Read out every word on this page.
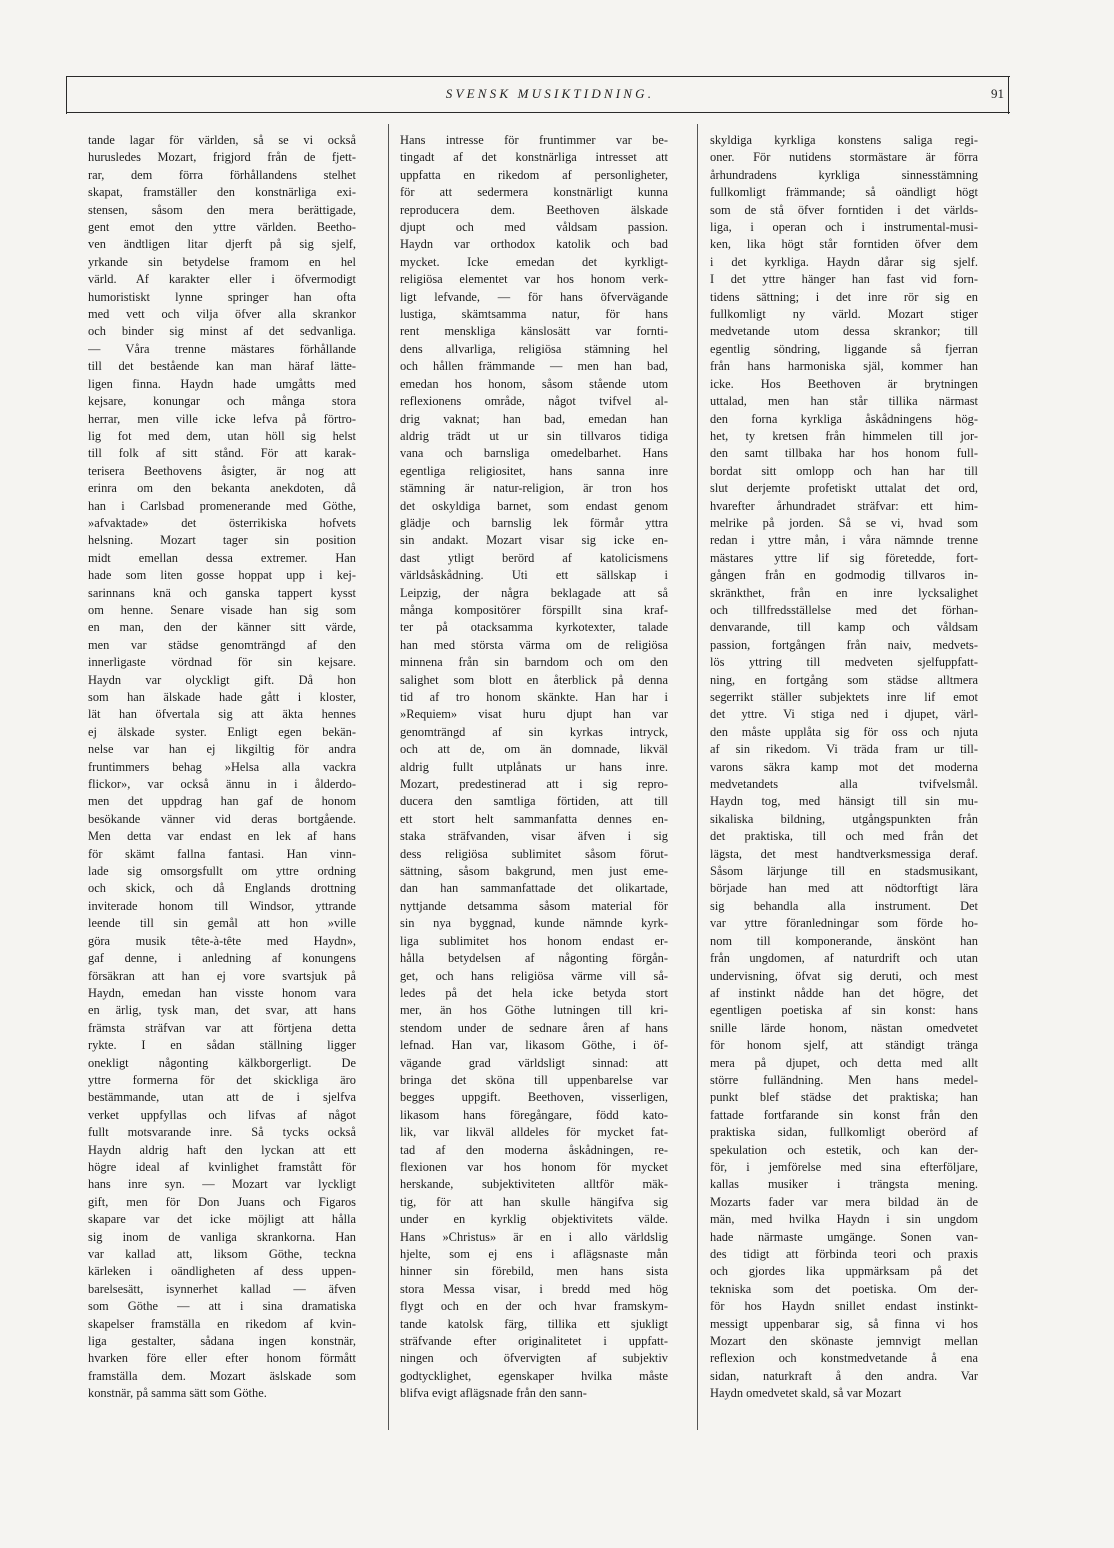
SVENSK MUSIKTIDNING.	91
tande lagar för världen, så se vi också
hurusledes Mozart, frigjord från de fjett-
rar, dem förra förhållandens stelhet
skapat, framställer den konstnärliga exi-
stensen, såsom den mera berättigade,
gent emot den yttre världen. Beetho-
ven ändtligen litar djerft på sig sjelf,
yrkande sin betydelse framom en hel
värld. Af karakter eller i öfvermodigt
humoristiskt lynne springer han ofta
med vett och vilja öfver alla skrankor
och binder sig minst af det sedvanliga.
— Våra trenne mästares förhållande
till det bestående kan man häraf lätte-
ligen finna. Haydn hade umgåtts med
kejsare, konungar och många stora
herrar, men ville icke lefva på förtro-
lig fot med dem, utan höll sig helst
till folk af sitt stånd. För att karak-
terisera Beethovens åsigter, är nog att
erinra om den bekanta anekdoten, då
han i Carlsbad promenerande med Göthe,
»afvaktade» det österrikiska hofvets
helsning. Mozart tager sin position
midt emellan dessa extremer. Han
hade som liten gosse hoppat upp i kej-
sarinnans knä och ganska tappert kysst
om henne. Senare visade han sig som
en man, den der känner sitt värde,
men var städse genomträngd af den
innerligaste vördnad för sin kejsare.
Haydn var olyckligt gift. Då hon
som han älskade hade gått i kloster,
lät han öfvertala sig att äkta hennes
ej älskade syster. Enligt egen bekän-
nelse var han ej likgiltig för andra
fruntimmers behag »Helsa alla vackra
flickor», var också ännu in i ålderdo-
men det uppdrag han gaf de honom
besökande vänner vid deras bortgående.
Men detta var endast en lek af hans
för skämt fallna fantasi. Han vinn-
lade sig omsorgsfullt om yttre ordning
och skick, och då Englands drottning
inviterade honom till Windsor, yttrande
leende till sin gemål att hon »ville
göra musik tête-à-tête med Haydn»,
gaf denne, i anledning af konungens
försäkran att han ej vore svartsjuk på
Haydn, emedan han visste honom vara
en ärlig, tysk man, det svar, att hans
främsta sträfvan var att förtjena detta
rykte. I en sådan ställning ligger
onekligt någonting kälkborgerligt. De
yttre formerna för det skickliga äro
bestämmande, utan att de i sjelfva
verket uppfyllas och lifvas af något
fullt motsvarande inre. Så tycks också
Haydn aldrig haft den lyckan att ett
högre ideal af kvinlighet framstått för
hans inre syn. — Mozart var lyckligt
gift, men för Don Juans och Figaros
skapare var det icke möjligt att hålla
sig inom de vanliga skrankorna. Han
var kallad att, liksom Göthe, teckna
kärleken i oändligheten af dess uppen-
barelsesätt, isynnerhet kallad — äfven
som Göthe — att i sina dramatiska
skapelser framställa en rikedom af kvin-
liga gestalter, sådana ingen konstnär,
hvarken före eller efter honom förmått
framställa dem. Mozart äslskade som
konstnär, på samma sätt som Göthe.
Hans intresse för fruntimmer var be-
tingadt af det konstnärliga intresset att
uppfatta en rikedom af personligheter,
för att sedermera konstnärligt kunna
reproducera dem. Beethoven älskade
djupt och med våldsam passion.
Haydn var orthodox katolik och bad
mycket. Icke emedan det kyrkligt-
religiösa elementet var hos honom verk-
ligt lefvande, — för hans öfvervägande
lustiga, skämtsamma natur, för hans
rent menskliga känslosätt var fornti-
dens allvarliga, religiösa stämning hel
och hållen främmande — men han bad,
emedan hos honom, såsom stående utom
reflexionens område, något tvifvel al-
drig vaknat; han bad, emedan han
aldrig trädt ut ur sin tillvaros tidiga
vana och barnsliga omedelbarhet. Hans
egentliga religiositet, hans sanna inre
stämning är natur-religion, är tron hos
det oskyldiga barnet, som endast genom
glädje och barnslig lek förmår yttra
sin andakt. Mozart visar sig icke en-
dast ytligt berörd af katolicismens
världsåskådning. Uti ett sällskap i
Leipzig, der några beklagade att så
många kompositörer förspillt sina kraf-
ter på otacksamma kyrkotexter, talade
han med största värma om de religiösa
minnena från sin barndom och om den
salighet som blott en återblick på denna
tid af tro honom skänkte. Han har i
»Requiem» visat huru djupt han var
genomträngd af sin kyrkas intryck,
och att de, om än domnade, likväl
aldrig fullt utplånats ur hans inre.
Mozart, predestinerad att i sig repro-
ducera den samtliga förtiden, att till
ett stort helt sammanfatta dennes en-
staka sträfvanden, visar äfven i sig
dess religiösa sublimitet såsom förut-
sättning, såsom bakgrund, men just eme-
dan han sammanfattade det olikartade,
nyttjande detsamma såsom material för
sin nya byggnad, kunde nämnde kyrk-
liga sublimitet hos honom endast er-
hålla betydelsen af någonting förgån-
get, och hans religiösa värme vill så-
ledes på det hela icke betyda stort
mer, än hos Göthe lutningen till kri-
stendom under de sednare åren af hans
lefnad. Han var, likasom Göthe, i öf-
vägande grad världsligt sinnad: att
bringa det sköna till uppenbarelse var
begges uppgift. Beethoven, visserligen,
likasom hans föregångare, född kato-
lik, var likväl alldeles för mycket fat-
tad af den moderna åskådningen, re-
flexionen var hos honom för mycket
herskande, subjektiviteten alltför mäk-
tig, för att han skulle hängifva sig
under en kyrklig objektivitets välde.
Hans »Christus» är en i allo världslig
hjelte, som ej ens i aflägsnaste mån
hinner sin förebild, men hans sista
stora Messa visar, i bredd med hög
flygt och en der och hvar framskym-
tande katolsk färg, tillika ett sjukligt
sträfvande efter originalitetet i uppfatt-
ningen och öfvervigten af subjektiv
godtycklighet, egenskaper hvilka måste
blifva evigt aflägsnade från den sann-
skyldiga kyrkliga konstens saliga regi-
oner. För nutidens stormästare är förra
århundradens kyrkliga sinnesstämning
fullkomligt främmande; så oändligt högt
som de stå öfver forntiden i det världs-
liga, i operan och i instrumental-musi-
ken, lika högt står forntiden öfver dem
i det kyrkliga. Haydn dårar sig sjelf.
I det yttre hänger han fast vid forn-
tidens sättning; i det inre rör sig en
fullkomligt ny värld. Mozart stiger
medvetande utom dessa skrankor; till
egentlig söndring, liggande så fjerran
från hans harmoniska själ, kommer han
icke. Hos Beethoven är brytningen
uttalad, men han står tillika närmast
den forna kyrkliga åskådningens hög-
het, ty kretsen från himmelen till jor-
den samt tillbaka har hos honom full-
bordat sitt omlopp och han har till
slut derjemte profetiskt uttalat det ord,
hvarefter århundradet sträfvar: ett him-
melrike på jorden. Så se vi, hvad som
redan i yttre mån, i våra nämnde trenne
mästares yttre lif sig företedde, fort-
gången från en godmodig tillvaros in-
skränkthet, från en inre lycksalighet
och tillfredsställelse med det förhan-
denvarande, till kamp och våldsam
passion, fortgången från naiv, medvets-
lös yttring till medveten sjelfuppfatt-
ning, en fortgång som städse alltmera
segerrikt ställer subjektets inre lif emot
det yttre. Vi stiga ned i djupet, värl-
den måste upplåta sig för oss och njuta
af sin rikedom. Vi träda fram ur till-
varons säkra kamp mot det moderna
medvetandets alla tvifvelsmål.
Haydn tog, med hänsigt till sin mu-
sikaliska bildning, utgångspunkten från
det praktiska, till och med från det
lägsta, det mest handtverksmessiga deraf.
Såsom lärjunge till en stadsmusikant,
började han med att nödtorftigt lära
sig behandla alla instrument. Det
var yttre föranledningar som förde ho-
nom till komponerande, änskönt han
från ungdomen, af naturdrift och utan
undervisning, öfvat sig deruti, och mest
af instinkt nådde han det högre, det
egentligen poetiska af sin konst: hans
snille lärde honom, nästan omedvetet
för honom sjelf, att ständigt tränga
mera på djupet, och detta med allt
större fulländning. Men hans medel-
punkt blef städse det praktiska; han
fattade fortfarande sin konst från den
praktiska sidan, fullkomligt oberörd af
spekulation och estetik, och kan der-
för, i jemförelse med sina efterföljare,
kallas musiker i trängsta mening.
Mozarts fader var mera bildad än de
män, med hvilka Haydn i sin ungdom
hade närmaste umgänge. Sonen van-
des tidigt att förbinda teori och praxis
och gjordes lika uppmärksam på det
tekniska som det poetiska. Om der-
för hos Haydn snillet endast instinkt-
messigt uppenbarar sig, så finna vi hos
Mozart den skönaste jemnvigt mellan
reflexion och konstmedvetande å ena
sidan, naturkraft å den andra. Var
Haydn omedvetet skald, så var Mozart
